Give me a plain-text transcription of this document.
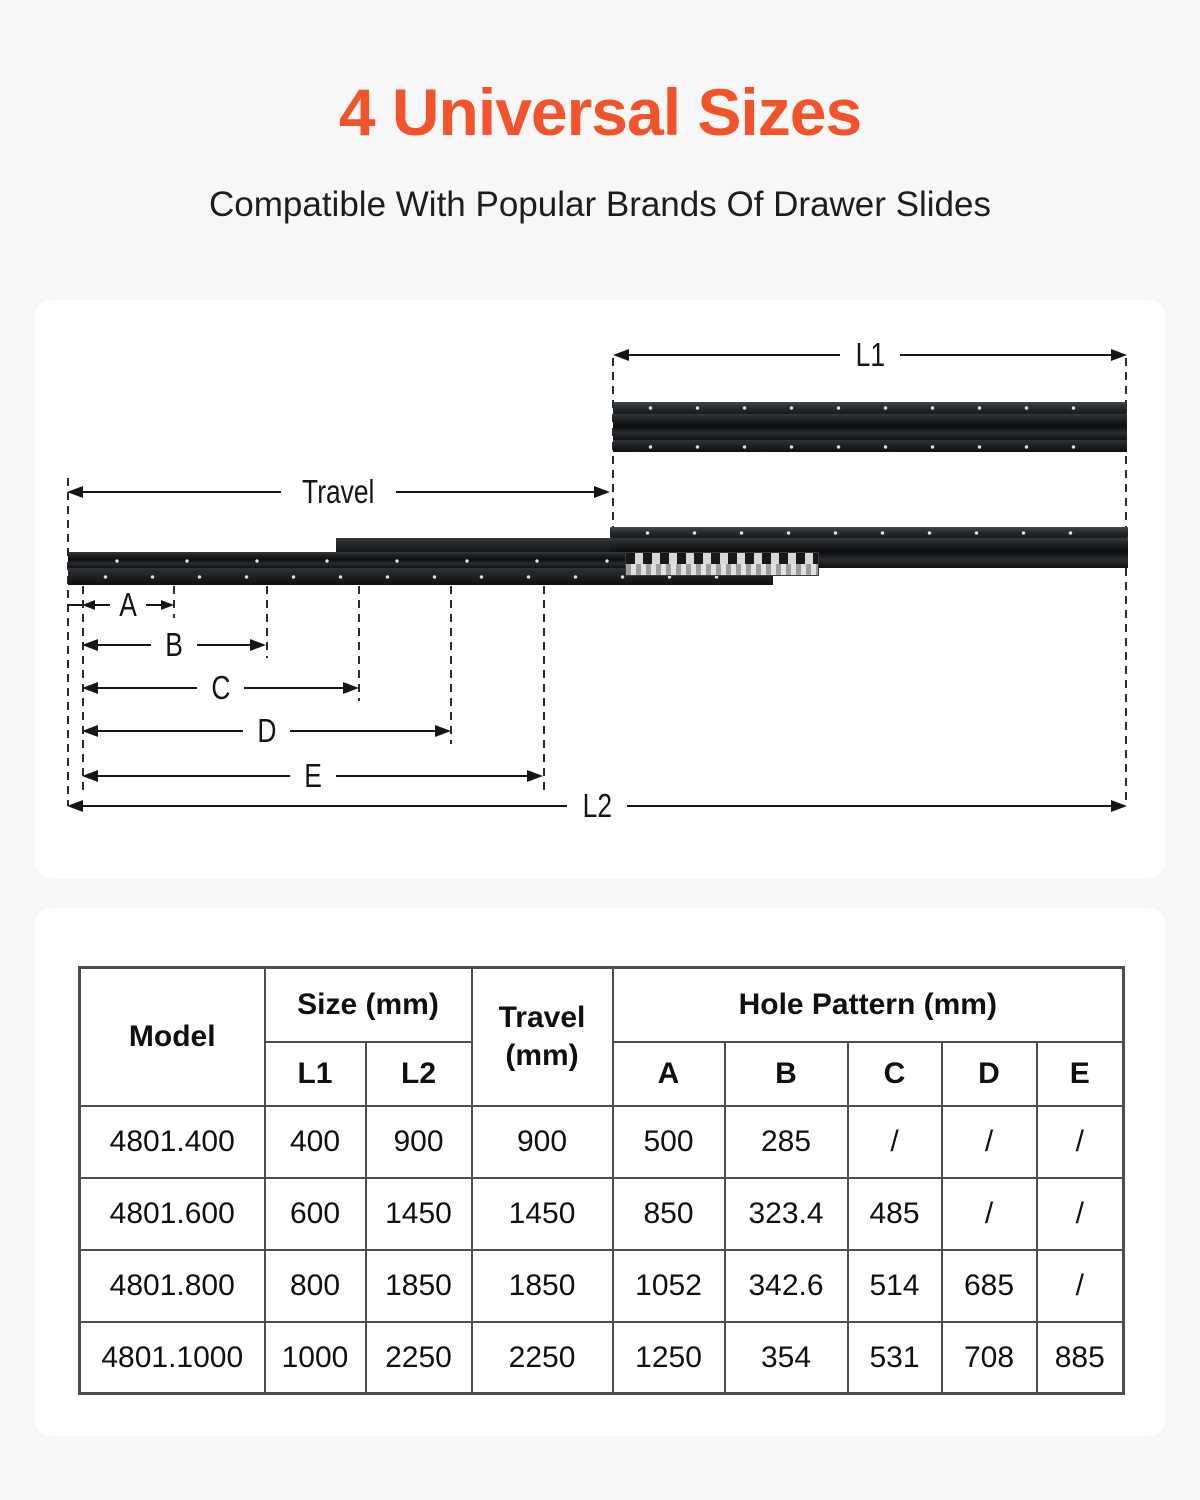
4 Universal Sizes
Compatible With Popular Brands Of Drawer Slides
L1
Travel
A
B
C
D
E
L2
Model	Size (mm)		Travel (mm)	Hole Pattern (mm)				
	L1	L2		A	B	C	D	E
4801.400	400	900	900	500	285	/	/	/
4801.600	600	1450	1450	850	323.4	485	/	/
4801.800	800	1850	1850	1052	342.6	514	685	/
4801.1000	1000	2250	2250	1250	354	531	708	885
